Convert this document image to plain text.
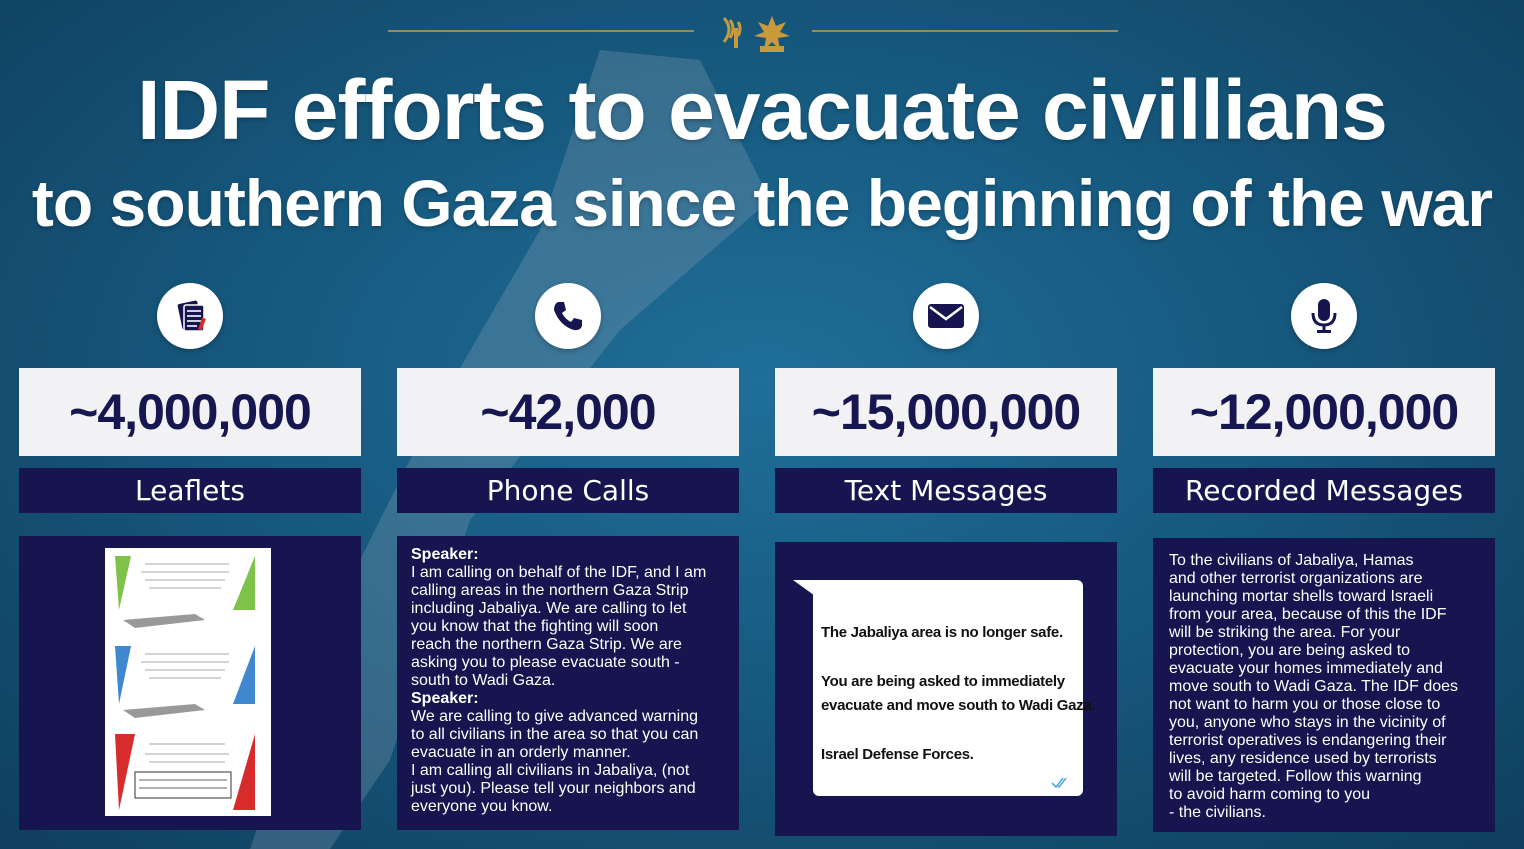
IDF efforts to evacuate civillians
to southern Gaza since the beginning of the war
~4,000,000
Leaflets
~42,000
Phone Calls
Speaker:
I am calling on behalf of the IDF, and I am
calling areas in the northern Gaza Strip
including Jabaliya. We are calling to let
you know that the fighting will soon
reach the northern Gaza Strip. We are
asking you to please evacuate south -
south to Wadi Gaza.
Speaker:
We are calling to give advanced warning
to all civilians in the area so that you can
evacuate in an orderly manner.
I am calling all civilians in Jabaliya, (not
just you). Please tell your neighbors and
everyone you know.
~15,000,000
Text Messages
The Jabaliya area is no longer safe.
You are being asked to immediately
evacuate and move south to Wadi Gaza.
Israel Defense Forces.
~12,000,000
Recorded Messages
To the civilians of Jabaliya, Hamas
and other terrorist organizations are
launching mortar shells toward Israeli
from your area, because of this the IDF
will be striking the area. For your
protection, you are being asked to
evacuate your homes immediately and
move south to Wadi Gaza. The IDF does
not want to harm you or those close to
you, anyone who stays in the vicinity of
terrorist operatives is endangering their
lives, any residence used by terrorists
will be targeted. Follow this warning
to avoid harm coming to you
- the civilians.
